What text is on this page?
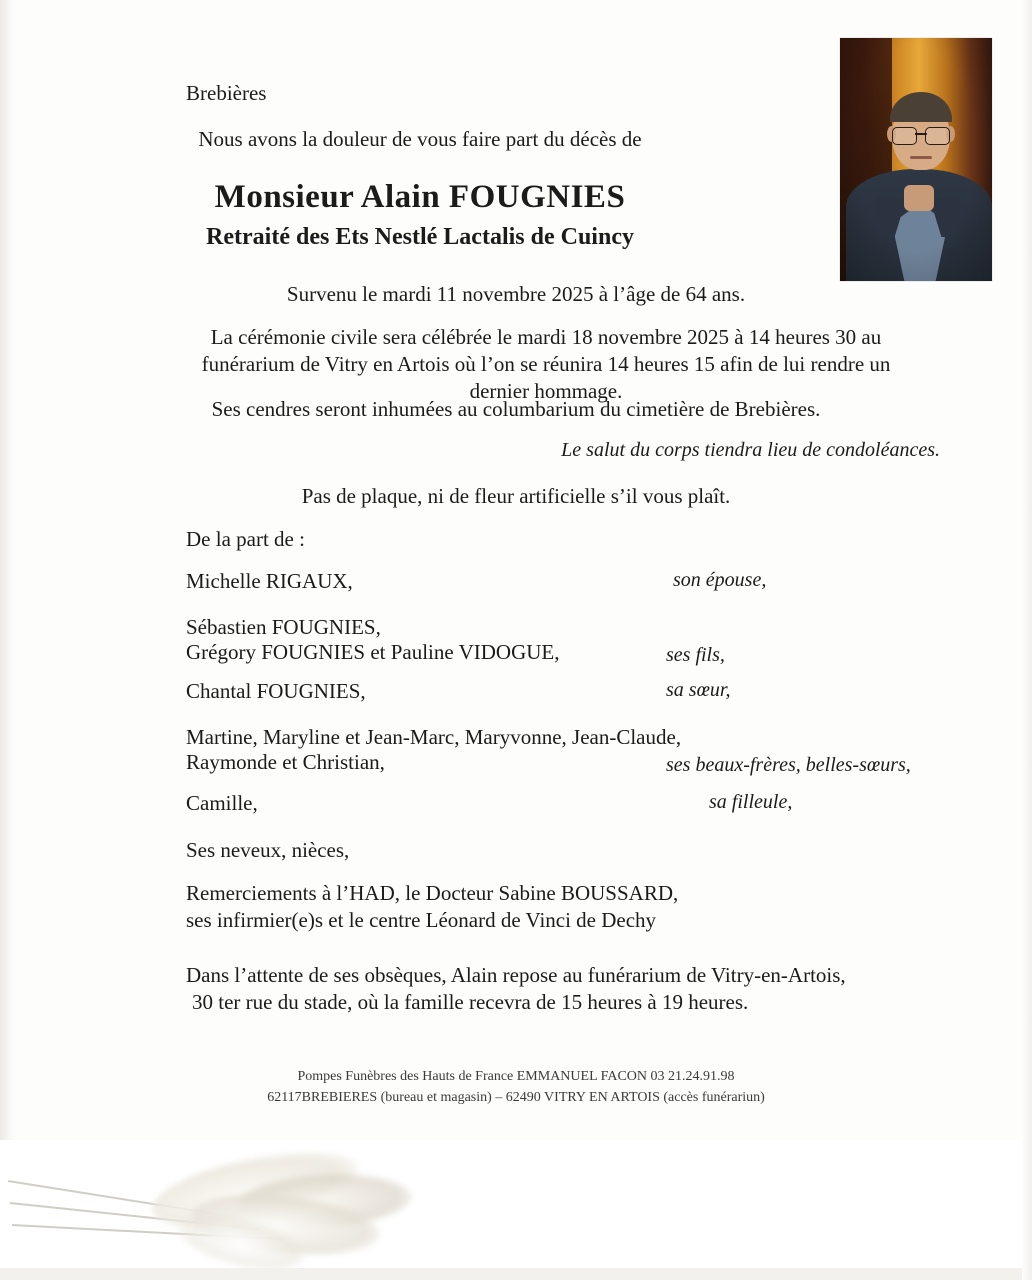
Brebières
Nous avons la douleur de vous faire part du décès de
Monsieur Alain FOUGNIES
Retraité des Ets Nestlé Lactalis de Cuincy
Survenu le mardi 11 novembre 2025 à l’âge de 64 ans.
La cérémonie civile sera célébrée le mardi 18 novembre 2025 à 14 heures 30 au funérarium de Vitry en Artois où l’on se réunira 14 heures 15 afin de lui rendre un dernier hommage.
Ses cendres seront inhumées au columbarium du cimetière de Brebières.
Le salut du corps tiendra lieu de condoléances.
Pas de plaque, ni de fleur artificielle s’il vous plaît.
De la part de :
Michelle RIGAUX,	son épouse,
Sébastien FOUGNIES,
Grégory FOUGNIES et Pauline VIDOGUE,	ses fils,
Chantal FOUGNIES,	sa sœur,
Martine, Maryline et Jean-Marc, Maryvonne, Jean-Claude,
Raymonde et Christian,	ses beaux-frères, belles-sœurs,
Camille,	sa filleule,
Ses neveux, nièces,
Remerciements à l’HAD, le Docteur Sabine BOUSSARD,
ses infirmier(e)s et le centre Léonard de Vinci de Dechy
Dans l’attente de ses obsèques, Alain repose au funérarium de Vitry-en-Artois,
30 ter rue du stade, où la famille recevra de 15 heures à 19 heures.
Pompes Funèbres des Hauts de France EMMANUEL FACON 03 21.24.91.98
62117BREBIERES (bureau et magasin) – 62490 VITRY EN ARTOIS (accès funérariun)
